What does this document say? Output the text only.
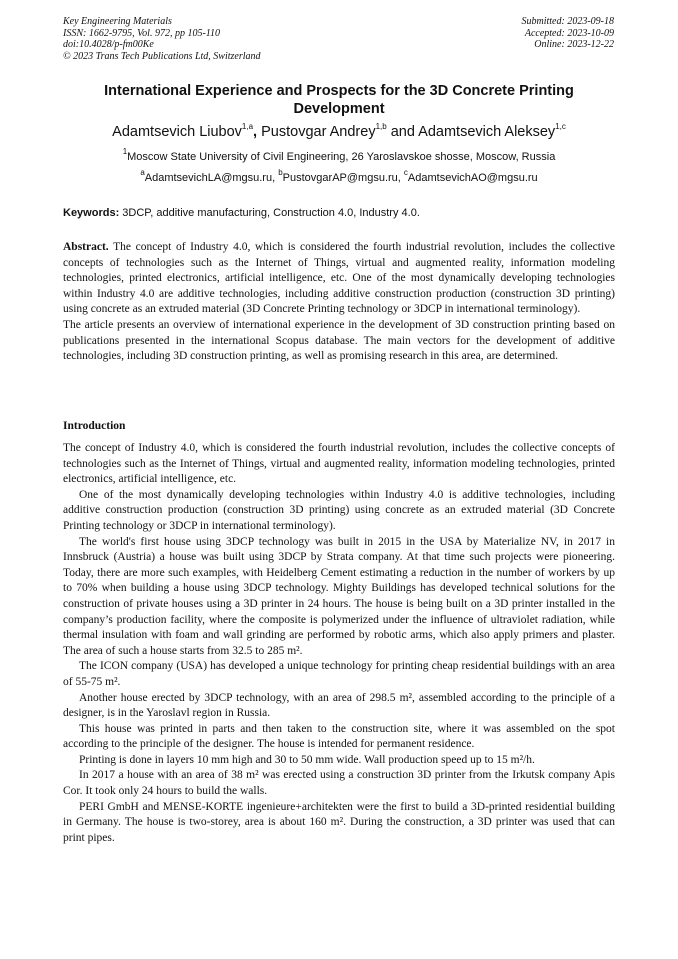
Key Engineering Materials
ISSN: 1662-9795, Vol. 972, pp 105-110
doi:10.4028/p-fm00Ke
© 2023 Trans Tech Publications Ltd, Switzerland
Submitted: 2023-09-18
Accepted: 2023-10-09
Online: 2023-12-22
International Experience and Prospects for the 3D Concrete Printing Development
Adamtsevich Liubov$^{1,a}$, Pustovgar Andrey$^{1,b}$ and Adamtsevich Aleksey$^{1,c}$
$^1$Moscow State University of Civil Engineering, 26 Yaroslavskoe shosse, Moscow, Russia
$^a$AdamtsevichLA@mgsu.ru, $^b$PustovgarAP@mgsu.ru, $^c$AdamtsevichAO@mgsu.ru
Keywords: 3DCP, additive manufacturing, Construction 4.0, Industry 4.0.

Abstract. The concept of Industry 4.0, which is considered the fourth industrial revolution, includes the collective concepts of technologies such as the Internet of Things, virtual and augmented reality, information modeling technologies, printed electronics, artificial intelligence, etc. One of the most dynamically developing technologies within Industry 4.0 are additive technologies, including additive construction production (construction 3D printing) using concrete as an extruded material (3D Concrete Printing technology or 3DCP in international terminology).

The article presents an overview of international experience in the development of 3D construction printing based on publications presented in the international Scopus database. The main vectors for the development of additive technologies, including 3D construction printing, as well as promising research in this area, are determined.

Introduction

The concept of Industry 4.0, which is considered the fourth industrial revolution, includes the collective concepts of technologies such as the Internet of Things, virtual and augmented reality, information modeling technologies, printed electronics, artificial intelligence, etc.

One of the most dynamically developing technologies within Industry 4.0 is additive technologies, including additive construction production (construction 3D printing) using concrete as an extruded material (3D Concrete Printing technology or 3DCP in international terminology).

The world's first house using 3DCP technology was built in 2015 in the USA by Materialize NV, in 2017 in Innsbruck (Austria) a house was built using 3DCP by Strata company. At that time such projects were pioneering. Today, there are more such examples, with Heidelberg Cement estimating a reduction in the number of workers by up to 70% when building a house using 3DCP technology. Mighty Buildings has developed technical solutions for the construction of private houses using a 3D printer in 24 hours. The house is being built on a 3D printer installed in the company’s production facility, where the composite is polymerized under the influence of ultraviolet radiation, while thermal insulation with foam and wall grinding are performed by robotic arms, which also apply primers and plaster. The area of such a house starts from 32.5 to 285 m².

The ICON company (USA) has developed a unique technology for printing cheap residential buildings with an area of 55-75 m².

Another house erected by 3DCP technology, with an area of 298.5 m², assembled according to the principle of a designer, is in the Yaroslavl region in Russia.

This house was printed in parts and then taken to the construction site, where it was assembled on the spot according to the principle of the designer. The house is intended for permanent residence.

Printing is done in layers 10 mm high and 30 to 50 mm wide. Wall production speed up to 15 m²/h.

In 2017 a house with an area of 38 m² was erected using a construction 3D printer from the Irkutsk company Apis Cor. It took only 24 hours to build the walls.

PERI GmbH and MENSE-KORTE ingenieure+architekten were the first to build a 3D-printed residential building in Germany. The house is two-storey, area is about 160 m². During the construction, a 3D printer was used that can print pipes.
